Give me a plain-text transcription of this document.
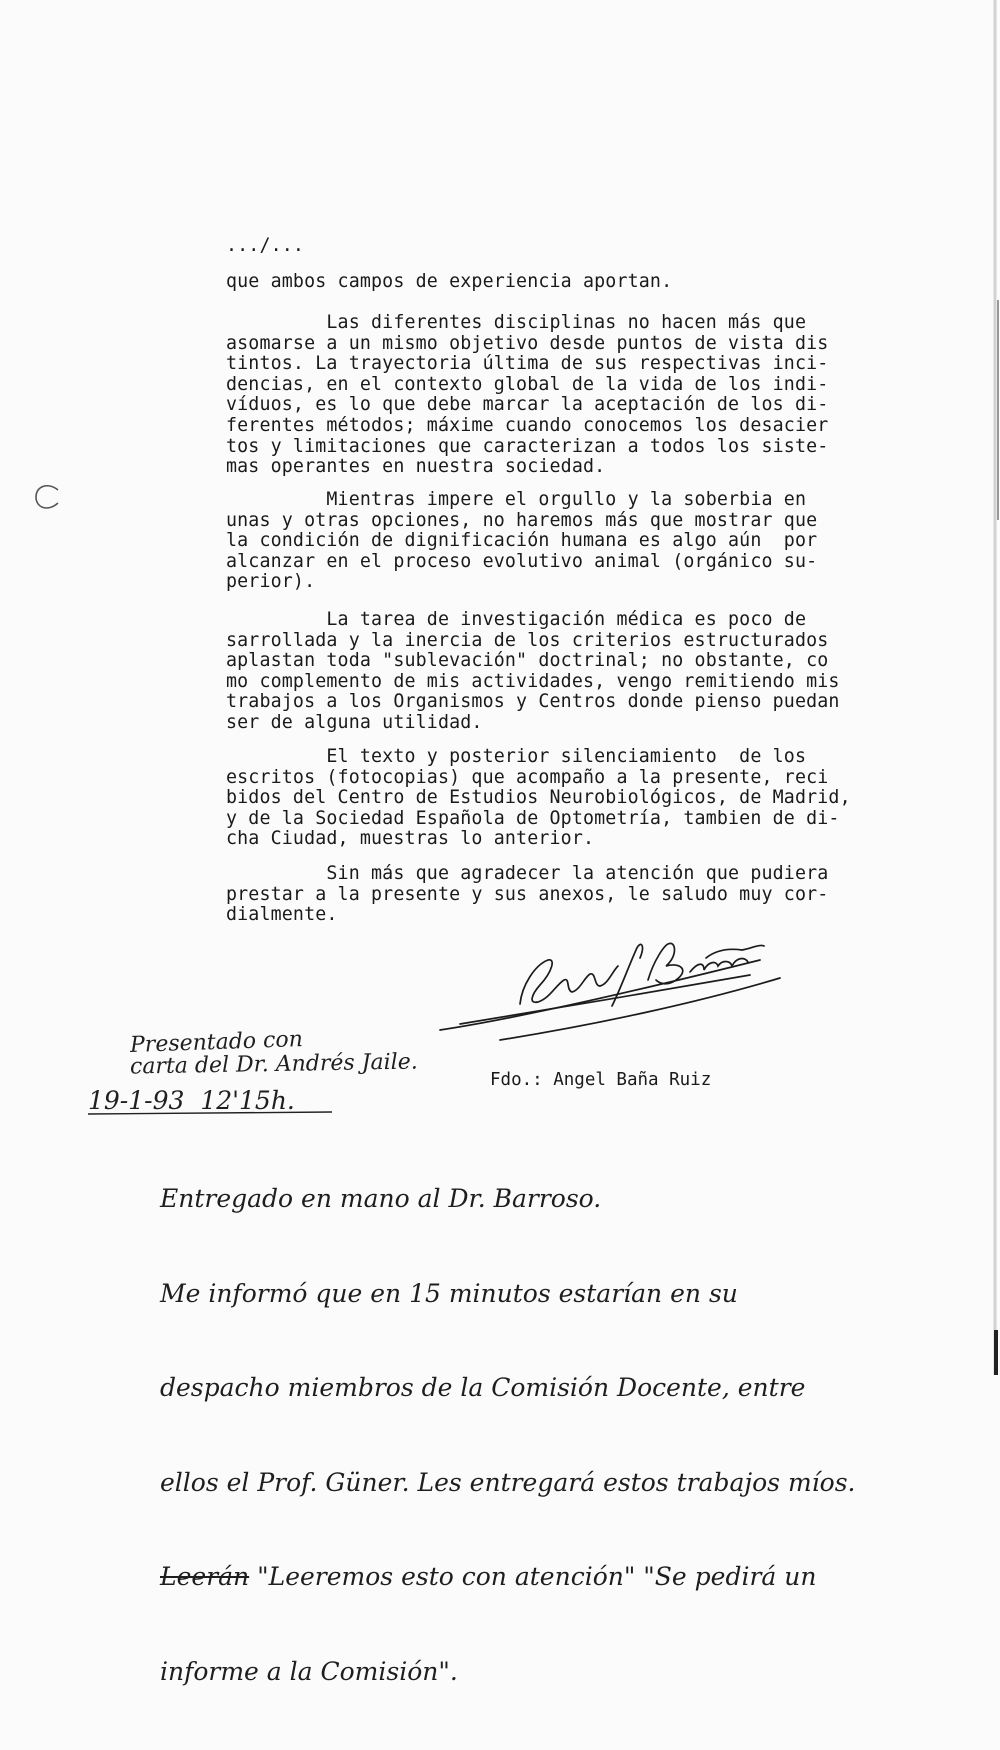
.../...
que ambos campos de experiencia aportan.
Las diferentes disciplinas no hacen más que
asomarse a un mismo objetivo desde puntos de vista dis
tintos. La trayectoria última de sus respectivas inci-
dencias, en el contexto global de la vida de los indi-
víduos, es lo que debe marcar la aceptación de los di-
ferentes métodos; máxime cuando conocemos los desacier
tos y limitaciones que caracterizan a todos los siste-
mas operantes en nuestra sociedad.
Mientras impere el orgullo y la soberbia en
unas y otras opciones, no haremos más que mostrar que
la condición de dignificación humana es algo aún  por
alcanzar en el proceso evolutivo animal (orgánico su-
perior).
La tarea de investigación médica es poco de
sarrollada y la inercia de los criterios estructurados
aplastan toda "sublevación" doctrinal; no obstante, co
mo complemento de mis actividades, vengo remitiendo mis
trabajos a los Organismos y Centros donde pienso puedan
ser de alguna utilidad.
El texto y posterior silenciamiento  de los
escritos (fotocopias) que acompaño a la presente, reci
bidos del Centro de Estudios Neurobiológicos, de Madrid,
y de la Sociedad Española de Optometría, tambien de di-
cha Ciudad, muestras lo anterior.
Sin más que agradecer la atención que pudiera
prestar a la presente y sus anexos, le saludo muy cor-
dialmente.
Presentado con
carta del Dr. Andrés Jaile.
Fdo.: Angel Baña Ruiz
19-1-93  12'15h.

Entregado en mano al Dr. Barroso.

Me informó que en 15 minutos estarían en su

despacho miembros de la Comisión Docente, entre

ellos el Prof. Güner. Les entregará estos trabajos míos.

Leerán "Leeremos esto con atención" "Se pedirá un

informe a la Comisión".
